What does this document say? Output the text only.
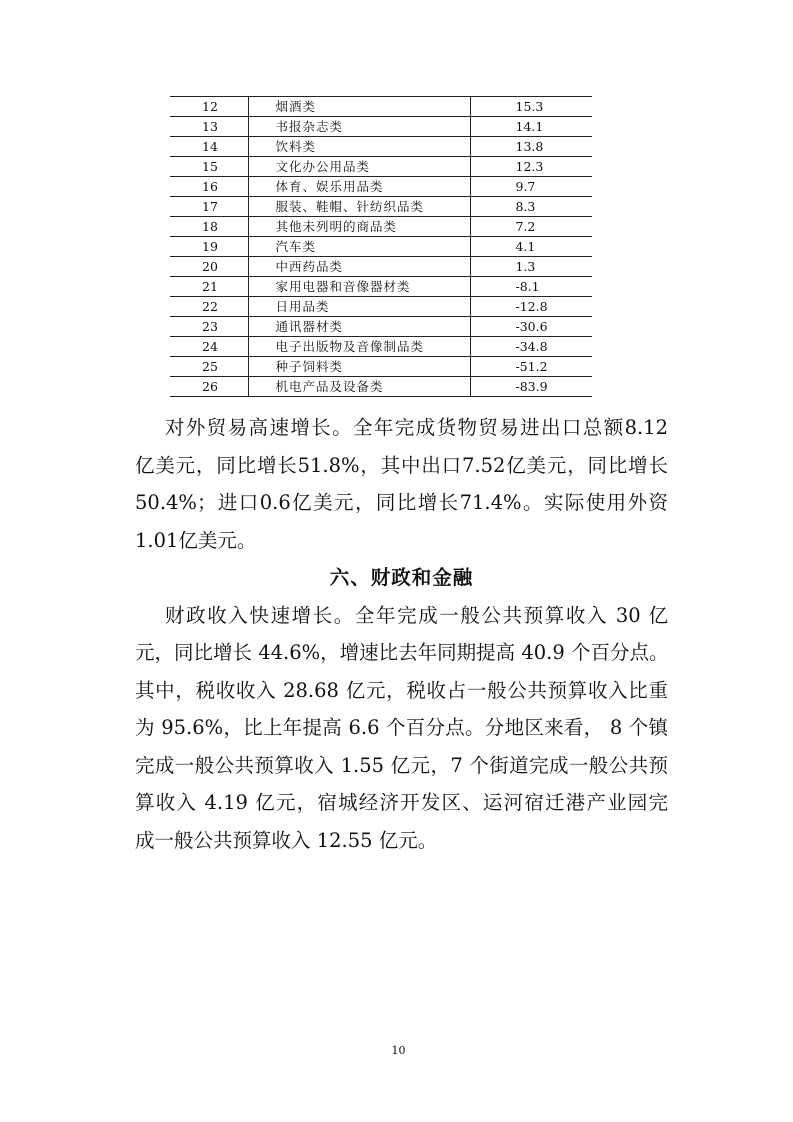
12	烟酒类	15.3
13	书报杂志类	14.1
14	饮料类	13.8
15	文化办公用品类	12.3
16	体育、娱乐用品类	9.7
17	服装、鞋帽、针纺织品类	8.3
18	其他未列明的商品类	7.2
19	汽车类	4.1
20	中西药品类	1.3
21	家用电器和音像器材类	-8.1
22	日用品类	-12.8
23	通讯器材类	-30.6
24	电子出版物及音像制品类	-34.8
25	种子饲料类	-51.2
26	机电产品及设备类	-83.9
对外贸易高速增长。全年完成货物贸易进出口总额8.12
亿美元，同比增长51.8%，其中出口7.52亿美元，同比增长
50.4%；进口0.6亿美元，同比增长71.4%。实际使用外资
1.01亿美元。
六、财政和金融
财政收入快速增长。全年完成一般公共预算收入 30 亿
元，同比增长 44.6%，增速比去年同期提高 40.9 个百分点。
其中，税收收入 28.68 亿元，税收占一般公共预算收入比重
为 95.6%，比上年提高 6.6 个百分点。分地区来看， 8 个镇
完成一般公共预算收入 1.55 亿元，7 个街道完成一般公共预
算收入 4.19 亿元，宿城经济开发区、运河宿迁港产业园完
成一般公共预算收入 12.55 亿元。
10
